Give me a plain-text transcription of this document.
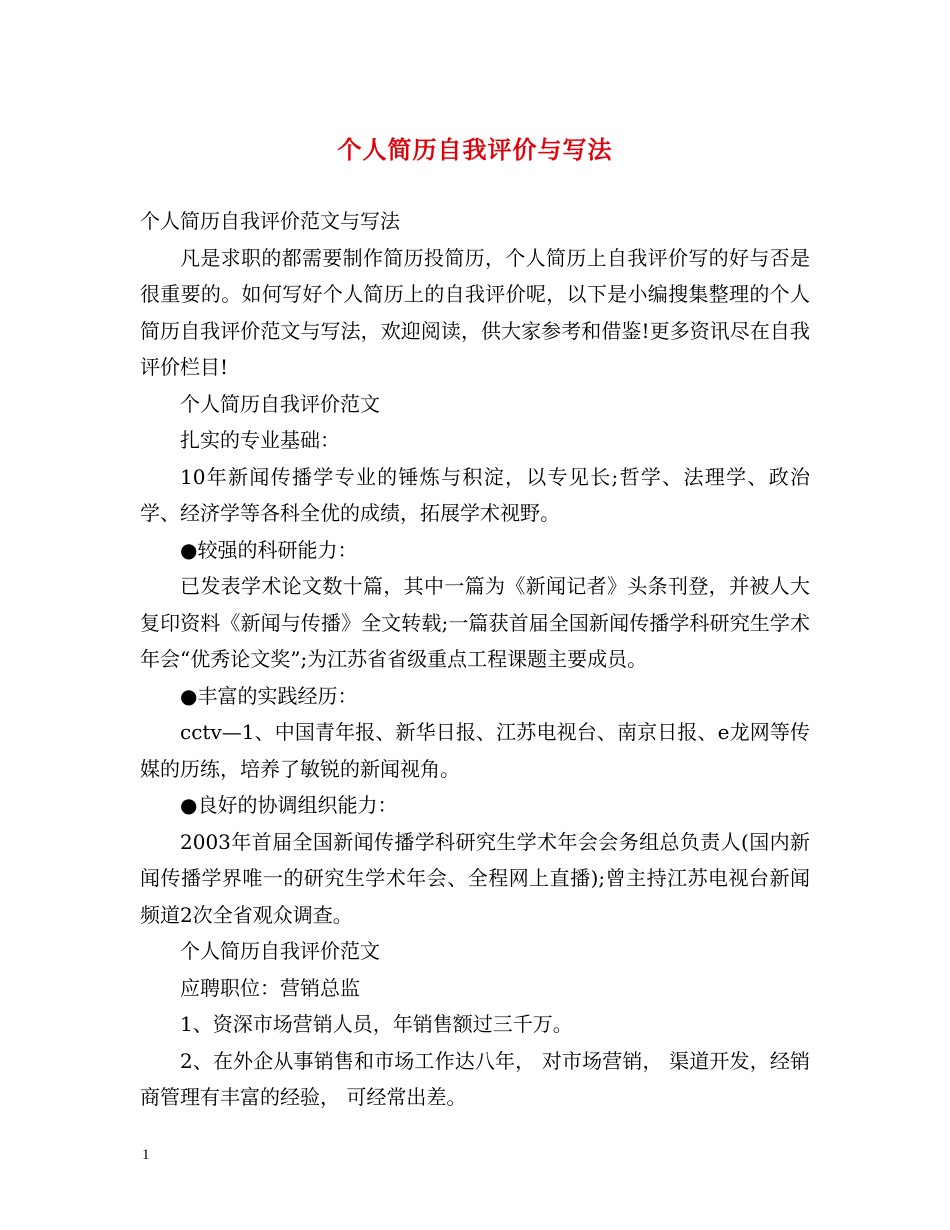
个人简历自我评价与写法

个人简历自我评价范文与写法

凡是求职的都需要制作简历投简历，个人简历上自我评价写的好与否是很重要的。如何写好个人简历上的自我评价呢，以下是小编搜集整理的个人简历自我评价范文与写法，欢迎阅读，供大家参考和借鉴!更多资讯尽在自我评价栏目!

个人简历自我评价范文

扎实的专业基础：

10年新闻传播学专业的锤炼与积淀，以专见长;哲学、法理学、政治学、经济学等各科全优的成绩，拓展学术视野。

●较强的科研能力：

已发表学术论文数十篇，其中一篇为《新闻记者》头条刊登，并被人大复印资料《新闻与传播》全文转载;一篇获首届全国新闻传播学科研究生学术年会“优秀论文奖”;为江苏省省级重点工程课题主要成员。

●丰富的实践经历：

cctv—1、中国青年报、新华日报、江苏电视台、南京日报、e龙网等传媒的历练，培养了敏锐的新闻视角。

●良好的协调组织能力：

2003年首届全国新闻传播学科研究生学术年会会务组总负责人(国内新闻传播学界唯一的研究生学术年会、全程网上直播);曾主持江苏电视台新闻频道2次全省观众调查。

个人简历自我评价范文

应聘职位：营销总监

1、资深市场营销人员，年销售额过三千万。

2、在外企从事销售和市场工作达八年， 对市场营销， 渠道开发，经销商管理有丰富的经验， 可经常出差。

1
